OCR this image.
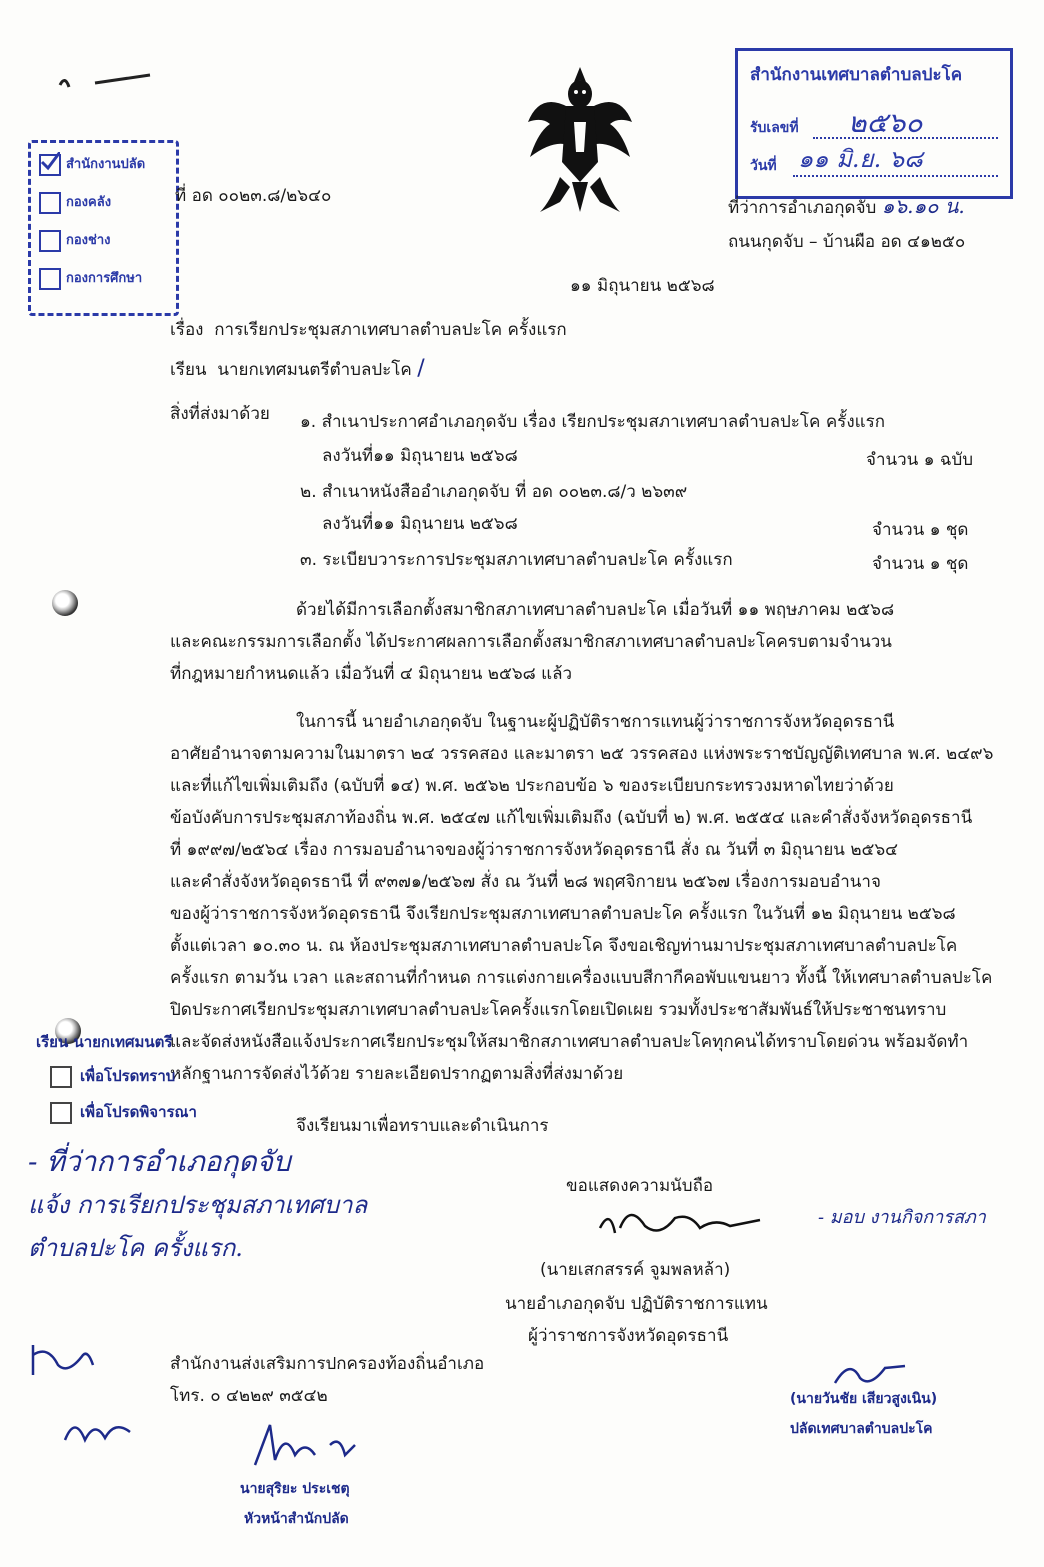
สำนักงานปลัด
กองคลัง
กองช่าง
กองการศึกษา
สำนักงานเทศบาลตำบลปะโค
รับเลขที่ ๒๕๖๐
วันที่ ๑๑ มิ.ย. ๖๘
ที่ อด ๐๐๒๓.๘/๒๖๔๐
ที่ว่าการอำเภอกุดจับ ๑๖.๑๐ น.
ถนนกุดจับ – บ้านผือ อด ๔๑๒๕๐
๑๑ มิถุนายน ๒๕๖๘
เรื่อง การเรียกประชุมสภาเทศบาลตำบลปะโค ครั้งแรก
เรียน นายกเทศมนตรีตำบลปะโค /
สิ่งที่ส่งมาด้วย ๑. สำเนาประกาศอำเภอกุดจับ เรื่อง เรียกประชุมสภาเทศบาลตำบลปะโค ครั้งแรก
ลงวันที่๑๑ มิถุนายน ๒๕๖๘	จำนวน ๑ ฉบับ
๒. สำเนาหนังสืออำเภอกุดจับ ที่ อด ๐๐๒๓.๘/ว ๒๖๓๙
ลงวันที่๑๑ มิถุนายน ๒๕๖๘	จำนวน ๑ ชุด
๓. ระเบียบวาระการประชุมสภาเทศบาลตำบลปะโค ครั้งแรก	จำนวน ๑ ชุด
ด้วยได้มีการเลือกตั้งสมาชิกสภาเทศบาลตำบลปะโค เมื่อวันที่ ๑๑ พฤษภาคม ๒๕๖๘
และคณะกรรมการเลือกตั้ง ได้ประกาศผลการเลือกตั้งสมาชิกสภาเทศบาลตำบลปะโคครบตามจำนวน
ที่กฎหมายกำหนดแล้ว เมื่อวันที่ ๔ มิถุนายน ๒๕๖๘ แล้ว
ในการนี้ นายอำเภอกุดจับ ในฐานะผู้ปฏิบัติราชการแทนผู้ว่าราชการจังหวัดอุดรธานี
อาศัยอำนาจตามความในมาตรา ๒๔ วรรคสอง และมาตรา ๒๕ วรรคสอง แห่งพระราชบัญญัติเทศบาล พ.ศ. ๒๔๙๖
และที่แก้ไขเพิ่มเติมถึง (ฉบับที่ ๑๔) พ.ศ. ๒๕๖๒ ประกอบข้อ ๖ ของระเบียบกระทรวงมหาดไทยว่าด้วย
ข้อบังคับการประชุมสภาท้องถิ่น พ.ศ. ๒๕๔๗ แก้ไขเพิ่มเติมถึง (ฉบับที่ ๒) พ.ศ. ๒๕๕๔ และคำสั่งจังหวัดอุดรธานี
ที่ ๑๙๙๗/๒๕๖๔ เรื่อง การมอบอำนาจของผู้ว่าราชการจังหวัดอุดรธานี สั่ง ณ วันที่ ๓ มิถุนายน ๒๕๖๔
และคำสั่งจังหวัดอุดรธานี ที่ ๙๓๗๑/๒๕๖๗ สั่ง ณ วันที่ ๒๘ พฤศจิกายน ๒๕๖๗ เรื่องการมอบอำนาจ
ของผู้ว่าราชการจังหวัดอุดรธานี จึงเรียกประชุมสภาเทศบาลตำบลปะโค ครั้งแรก ในวันที่ ๑๒ มิถุนายน ๒๕๖๘
ตั้งแต่เวลา ๑๐.๓๐ น. ณ ห้องประชุมสภาเทศบาลตำบลปะโค จึงขอเชิญท่านมาประชุมสภาเทศบาลตำบลปะโค
ครั้งแรก ตามวัน เวลา และสถานที่กำหนด การแต่งกายเครื่องแบบสีกากีคอพับแขนยาว ทั้งนี้ ให้เทศบาลตำบลปะโค
ปิดประกาศเรียกประชุมสภาเทศบาลตำบลปะโคครั้งแรกโดยเปิดเผย รวมทั้งประชาสัมพันธ์ให้ประชาชนทราบ
และจัดส่งหนังสือแจ้งประกาศเรียกประชุมให้สมาชิกสภาเทศบาลตำบลปะโคทุกคนได้ทราบโดยด่วน พร้อมจัดทำ
หลักฐานการจัดส่งไว้ด้วย รายละเอียดปรากฏตามสิ่งที่ส่งมาด้วย
เรียน นายกเทศมนตรี
เพื่อโปรดทราบ
เพื่อโปรดพิจารณา
จึงเรียนมาเพื่อทราบและดำเนินการ
ขอแสดงความนับถือ
(นายเสกสรรค์ จูมพลหล้า)
นายอำเภอกุดจับ ปฏิบัติราชการแทน
ผู้ว่าราชการจังหวัดอุดรธานี
- ที่ว่าการอำเภอกุดจับ
แจ้ง การเรียกประชุมสภาเทศบาล
ตำบลปะโค ครั้งแรก.
- มอบ งานกิจการสภา
สำนักงานส่งเสริมการปกครองท้องถิ่นอำเภอ
โทร. ๐ ๔๒๒๙ ๓๕๔๒	(นายวันชัย เสียวสูงเนิน)
ปลัดเทศบาลตำบลปะโค
นายสุริยะ ประเชตุ
หัวหน้าสำนักปลัด
